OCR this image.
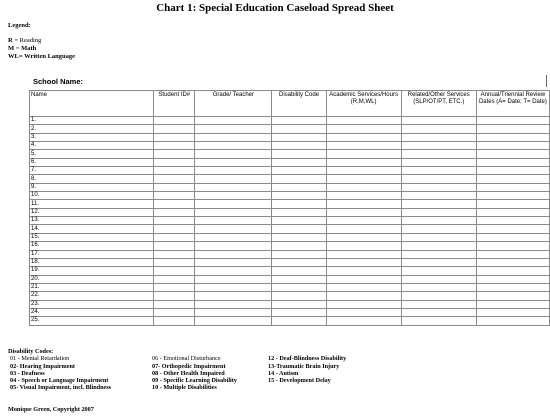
Chart 1: Special Education Caseload Spread Sheet
Legend:
R = Reading
M = Math
WL= Written Language
School Name:
Name	Student ID#	Grade/ Teacher	Disability Code	Academic Services/Hours (R,M,WL)	Related/Other Services (SLP/OT/PT, ETC.)	Annual/Triennial Review Dates (A= Date; T= Date)
1.						
2.						
3.						
4.						
5.						
6.						
7.						
8.						
9.						
10.						
11.						
12.						
13.						
14.						
15.						
16.						
17.						
18.						
19.						
20.						
21.						
22.						
23.						
24.						
25.						
Disability Codes:
01 - Mental Retardation
02- Hearing Impairment
03 - Deafness
04 - Speech or Language Impairment
05- Visual Impairment, incl. Blindness
06 - Emotional Disturbance
07- Orthopedic Impairment
08 - Other Health Impaired
09 - Specific Learning Disability
10 - Multiple Disabilities
12 - Deaf-Blindness Disability
13-Traumatic Brain Injury
14 - Autism
15 - Development Delay
Monique Green, Copyright 2007
